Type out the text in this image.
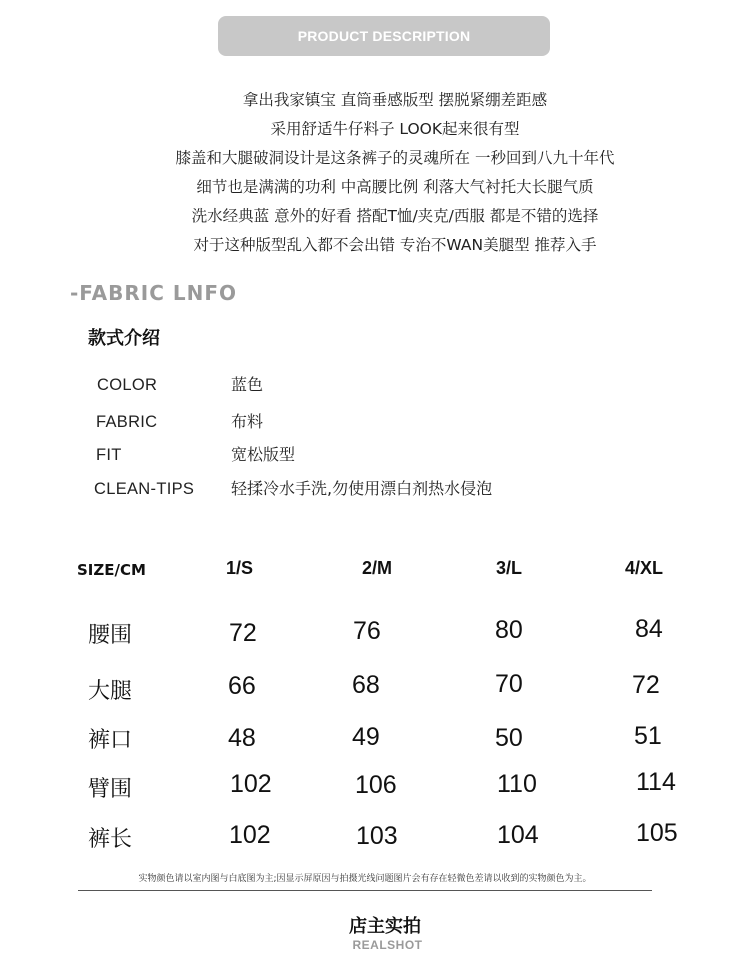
PRODUCT DESCRIPTION
拿出我家镇宝 直筒垂感版型 摆脱紧绷差距感
采用舒适牛仔料子 LOOK起来很有型
膝盖和大腿破洞设计是这条裤子的灵魂所在 一秒回到八九十年代
细节也是满满的功利 中高腰比例 利落大气衬托大长腿气质
洗水经典蓝 意外的好看 搭配T恤/夹克/西服 都是不错的选择
对于这种版型乱入都不会出错 专治不WAN美腿型 推荐入手
-FABRIC LNFO
款式介绍
COLOR	蓝色
FABRIC	布料
FIT	宽松版型
CLEAN-TIPS 轻揉冷水手洗,勿使用漂白剂热水侵泡
SIZE/CM	1/S	2/M	3/L	4/XL
腰围	72	76	80	84
大腿	66	68	70	72
裤口	48	49	50	51
臂围	102	106	110	114
裤长	102	103	104	105
实物颜色请以室内图与白底图为主;因显示屏原因与拍摄光线问题图片会有存在轻微色差请以收到的实物颜色为主。
店主实拍
REALSHOT
